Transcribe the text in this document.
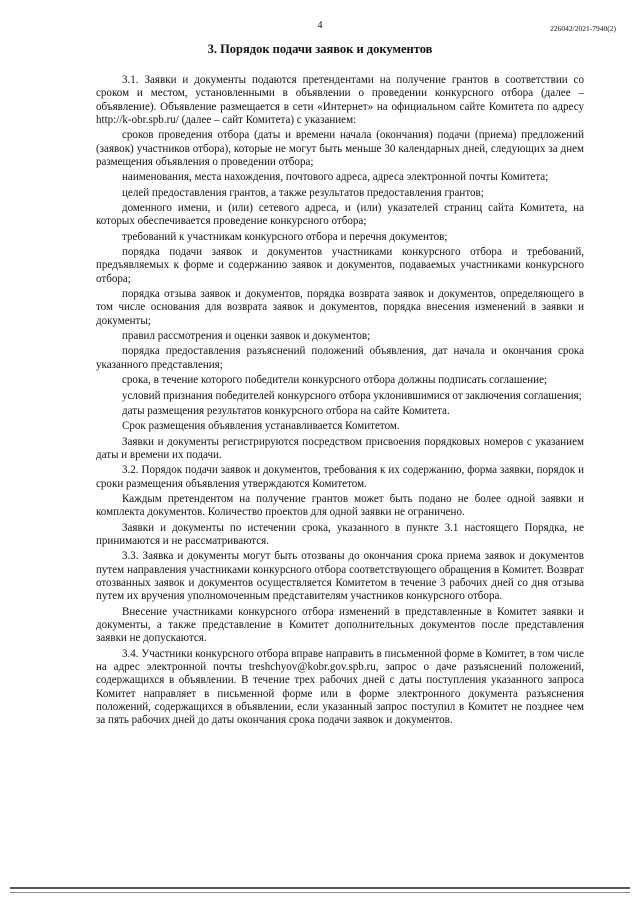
4	226042/2021-7940(2)

3. Порядок подачи заявок и документов

3.1. Заявки и документы подаются претендентами на получение грантов в соответствии со сроком и местом, установленными в объявлении о проведении конкурсного отбора (далее – объявление). Объявление размещается в сети «Интернет» на официальном сайте Комитета по адресу http://k-obr.spb.ru/ (далее – сайт Комитета) с указанием:

сроков проведения отбора (даты и времени начала (окончания) подачи (приема) предложений (заявок) участников отбора), которые не могут быть меньше 30 календарных дней, следующих за днем размещения объявления о проведении отбора;

наименования, места нахождения, почтового адреса, адреса электронной почты Комитета;

целей предоставления грантов, а также результатов предоставления грантов;

доменного имени, и (или) сетевого адреса, и (или) указателей страниц сайта Комитета, на которых обеспечивается проведение конкурсного отбора;

требований к участникам конкурсного отбора и перечня документов;

порядка подачи заявок и документов участниками конкурсного отбора и требований, предъявляемых к форме и содержанию заявок и документов, подаваемых участниками конкурсного отбора;

порядка отзыва заявок и документов, порядка возврата заявок и документов, определяющего в том числе основания для возврата заявок и документов, порядка внесения изменений в заявки и документы;

правил рассмотрения и оценки заявок и документов;

порядка предоставления разъяснений положений объявления, дат начала и окончания срока указанного представления;

срока, в течение которого победители конкурсного отбора должны подписать соглашение;

условий признания победителей конкурсного отбора уклонившимися от заключения соглашения;

даты размещения результатов конкурсного отбора на сайте Комитета.

Срок размещения объявления устанавливается Комитетом.

Заявки и документы регистрируются посредством присвоения порядковых номеров с указанием даты и времени их подачи.

3.2. Порядок подачи заявок и документов, требования к их содержанию, форма заявки, порядок и сроки размещения объявления утверждаются Комитетом.

Каждым претендентом на получение грантов может быть подано не более одной заявки и комплекта документов. Количество проектов для одной заявки не ограничено.

Заявки и документы по истечении срока, указанного в пункте 3.1 настоящего Порядка, не принимаются и не рассматриваются.

3.3. Заявка и документы могут быть отозваны до окончания срока приема заявок и документов путем направления участниками конкурсного отбора соответствующего обращения в Комитет. Возврат отозванных заявок и документов осуществляется Комитетом в течение 3 рабочих дней со дня отзыва путем их вручения уполномоченным представителям участников конкурсного отбора.

Внесение участниками конкурсного отбора изменений в представленные в Комитет заявки и документы, а также представление в Комитет дополнительных документов после представления заявки не допускаются.

3.4. Участники конкурсного отбора вправе направить в письменной форме в Комитет, в том числе на адрес электронной почты treshchyov@kobr.gov.spb.ru, запрос о даче разъяснений положений, содержащихся в объявлении. В течение трех рабочих дней с даты поступления указанного запроса Комитет направляет в письменной форме или в форме электронного документа разъяснения положений, содержащихся в объявлении, если указанный запрос поступил в Комитет не позднее чем за пять рабочих дней до даты окончания срока подачи заявок и документов.
